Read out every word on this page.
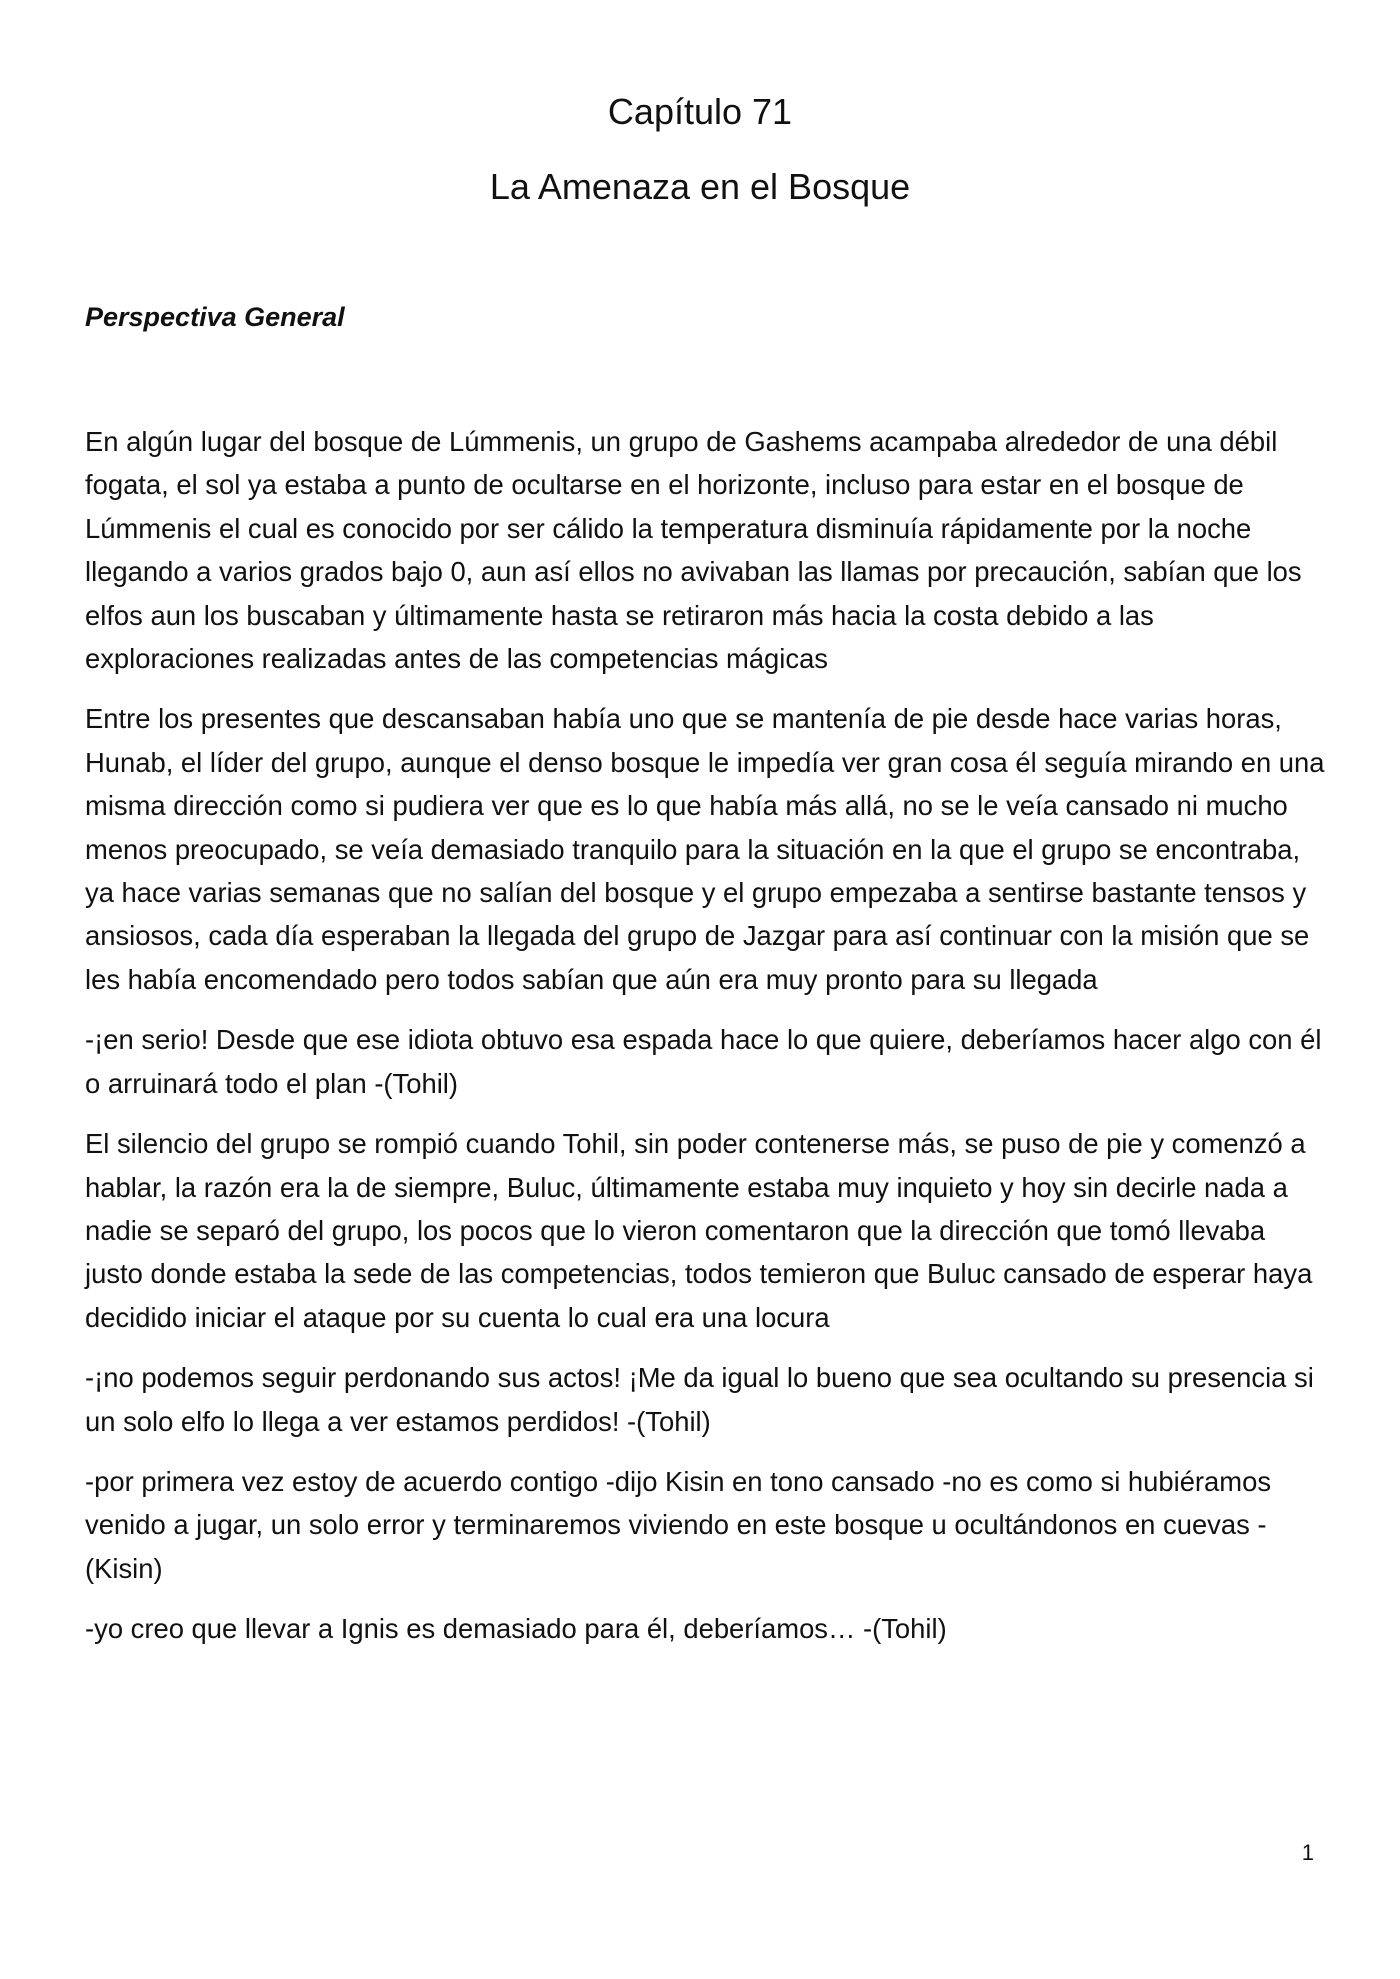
Capítulo 71
La Amenaza en el Bosque
Perspectiva General

En algún lugar del bosque de Lúmmenis, un grupo de Gashems acampaba alrededor de una débil fogata, el sol ya estaba a punto de ocultarse en el horizonte, incluso para estar en el bosque de Lúmmenis el cual es conocido por ser cálido la temperatura disminuía rápidamente por la noche llegando a varios grados bajo 0, aun así ellos no avivaban las llamas por precaución, sabían que los elfos aun los buscaban y últimamente hasta se retiraron más hacia la costa debido a las exploraciones realizadas antes de las competencias mágicas

Entre los presentes que descansaban había uno que se mantenía de pie desde hace varias horas, Hunab, el líder del grupo, aunque el denso bosque le impedía ver gran cosa él seguía mirando en una misma dirección como si pudiera ver que es lo que había más allá, no se le veía cansado ni mucho menos preocupado, se veía demasiado tranquilo para la situación en la que el grupo se encontraba, ya hace varias semanas que no salían del bosque y el grupo empezaba a sentirse bastante tensos y ansiosos, cada día esperaban la llegada del grupo de Jazgar para así continuar con la misión que se les había encomendado pero todos sabían que aún era muy pronto para su llegada

-¡en serio! Desde que ese idiota obtuvo esa espada hace lo que quiere, deberíamos hacer algo con él o arruinará todo el plan -(Tohil)

El silencio del grupo se rompió cuando Tohil, sin poder contenerse más, se puso de pie y comenzó a hablar, la razón era la de siempre, Buluc, últimamente estaba muy inquieto y hoy sin decirle nada a nadie se separó del grupo, los pocos que lo vieron comentaron que la dirección que tomó llevaba justo donde estaba la sede de las competencias, todos temieron que Buluc cansado de esperar haya decidido iniciar el ataque por su cuenta lo cual era una locura

-¡no podemos seguir perdonando sus actos! ¡Me da igual lo bueno que sea ocultando su presencia si un solo elfo lo llega a ver estamos perdidos! -(Tohil)

-por primera vez estoy de acuerdo contigo -dijo Kisin en tono cansado -no es como si hubiéramos venido a jugar, un solo error y terminaremos viviendo en este bosque u ocultándonos en cuevas -(Kisin)

-yo creo que llevar a Ignis es demasiado para él, deberíamos… -(Tohil)

1
